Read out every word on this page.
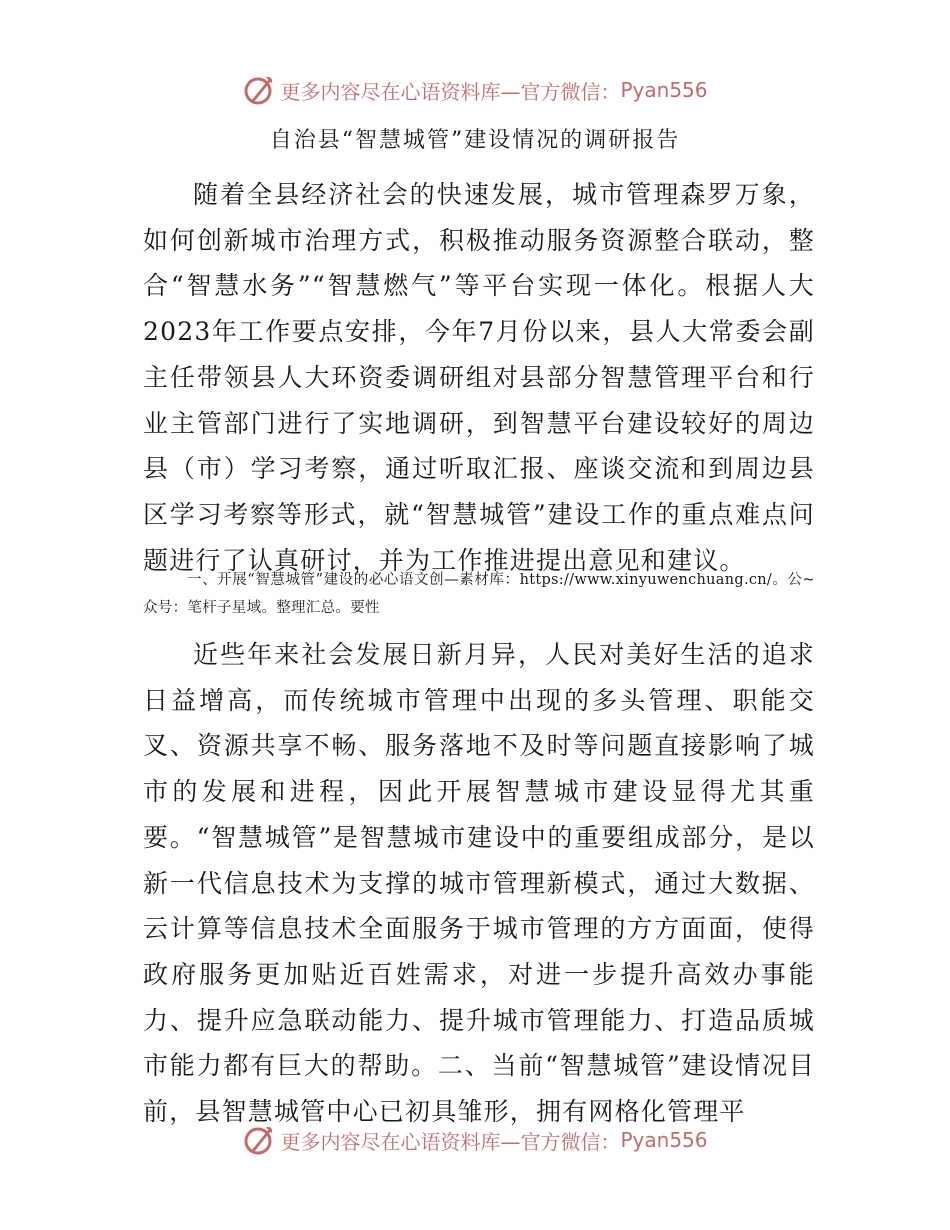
更多内容尽在心语资料库—官方微信： Pyan556
自治县“智慧城管”建设情况的调研报告

随着全县经济社会的快速发展，城市管理森罗万象，如何创新城市治理方式，积极推动服务资源整合联动，整合“智慧水务”“智慧燃气”等平台实现一体化。根据人大2023年工作要点安排，今年7月份以来，县人大常委会副主任带领县人大环资委调研组对县部分智慧管理平台和行业主管部门进行了实地调研，到智慧平台建设较好的周边县（市）学习考察，通过听取汇报、座谈交流和到周边县区学习考察等形式，就“智慧城管”建设工作的重点难点问题进行了认真研讨，并为工作推进提出意见和建议。

一、开展“智慧城管”建设的必心语文创—素材库：https://www.xinyuwenchuang.cn/。公~众号：笔杆子星域。整理汇总。要性

近些年来社会发展日新月异，人民对美好生活的追求日益增高，而传统城市管理中出现的多头管理、职能交叉、资源共享不畅、服务落地不及时等问题直接影响了城市的发展和进程，因此开展智慧城市建设显得尤其重要。“智慧城管”是智慧城市建设中的重要组成部分，是以新一代信息技术为支撑的城市管理新模式，通过大数据、云计算等信息技术全面服务于城市管理的方方面面，使得政府服务更加贴近百姓需求，对进一步提升高效办事能力、提升应急联动能力、提升城市管理能力、打造品质城市能力都有巨大的帮助。二、当前“智慧城管”建设情况目前，县智慧城管中心已初具雏形，拥有网格化管理平

更多内容尽在心语资料库—官方微信： Pyan556
